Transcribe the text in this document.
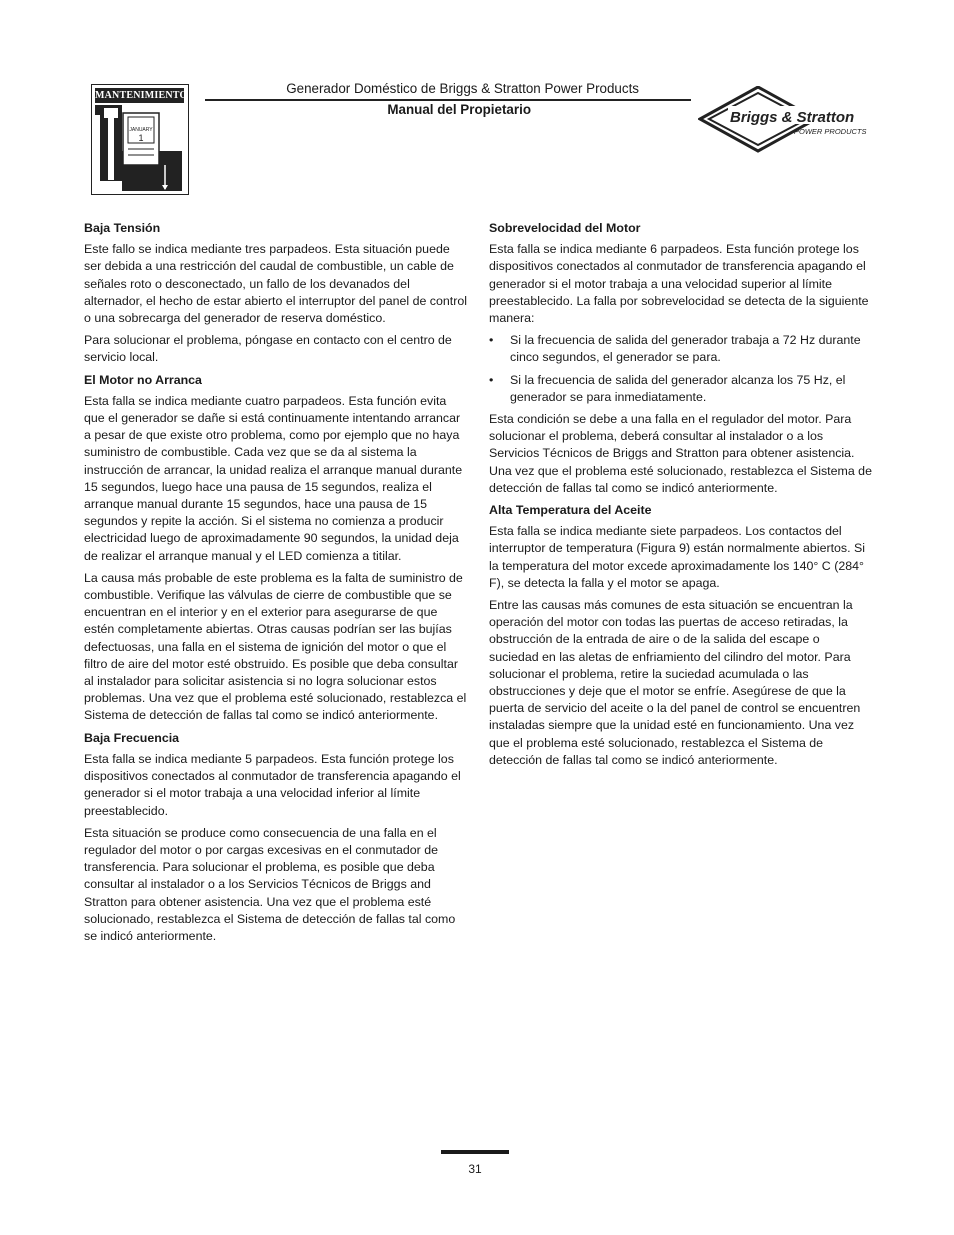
MANTENIMIENTO
JANUARY
1
Generador Doméstico de Briggs & Stratton Power Products
Manual del Propietario	Briggs & Stratton
POWER PRODUCTS
Baja Tensión

Este fallo se indica mediante tres parpadeos. Esta situación puede ser debida a una restricción del caudal de combustible, un cable de señales roto o desconectado, un fallo de los devanados del alternador, el hecho de estar abierto el interruptor del panel de control o una sobrecarga del generador de reserva doméstico.

Para solucionar el problema, póngase en contacto con el centro de servicio local.

El Motor no Arranca

Esta falla se indica mediante cuatro parpadeos. Esta función evita que el generador se dañe si está continuamente intentando arrancar a pesar de que existe otro problema, como por ejemplo que no haya suministro de combustible. Cada vez que se da al sistema la instrucción de arrancar, la unidad realiza el arranque manual durante 15 segundos, luego hace una pausa de 15 segundos, realiza el arranque manual durante 15 segundos, hace una pausa de 15 segundos y repite la acción. Si el sistema no comienza a producir electricidad luego de aproximadamente 90 segundos, la unidad deja de realizar el arranque manual y el LED comienza a titilar.

La causa más probable de este problema es la falta de suministro de combustible. Verifique las válvulas de cierre de combustible que se encuentran en el interior y en el exterior para asegurarse de que estén completamente abiertas. Otras causas podrían ser las bujías defectuosas, una falla en el sistema de ignición del motor o que el filtro de aire del motor esté obstruido. Es posible que deba consultar al instalador para solicitar asistencia si no logra solucionar estos problemas. Una vez que el problema esté solucionado, restablezca el Sistema de detección de fallas tal como se indicó anteriormente.

Baja Frecuencia

Esta falla se indica mediante 5 parpadeos. Esta función protege los dispositivos conectados al conmutador de transferencia apagando el generador si el motor trabaja a una velocidad inferior al límite preestablecido.

Esta situación se produce como consecuencia de una falla en el regulador del motor o por cargas excesivas en el conmutador de transferencia. Para solucionar el problema, es posible que deba consultar al instalador o a los Servicios Técnicos de Briggs and Stratton para obtener asistencia. Una vez que el problema esté solucionado, restablezca el Sistema de detección de fallas tal como se indicó anteriormente.

Sobrevelocidad del Motor

Esta falla se indica mediante 6 parpadeos. Esta función protege los dispositivos conectados al conmutador de transferencia apagando el generador si el motor trabaja a una velocidad superior al límite preestablecido. La falla por sobrevelocidad se detecta de la siguiente manera:

• Si la frecuencia de salida del generador trabaja a 72 Hz durante cinco segundos, el generador se para.
• Si la frecuencia de salida del generador alcanza los 75 Hz, el generador se para inmediatamente.

Esta condición se debe a una falla en el regulador del motor. Para solucionar el problema, deberá consultar al instalador o a los Servicios Técnicos de Briggs and Stratton para obtener asistencia. Una vez que el problema esté solucionado, restablezca el Sistema de detección de fallas tal como se indicó anteriormente.

Alta Temperatura del Aceite

Esta falla se indica mediante siete parpadeos. Los contactos del interruptor de temperatura (Figura 9) están normalmente abiertos. Si la temperatura del motor excede aproximadamente los 140° C (284° F), se detecta la falla y el motor se apaga.

Entre las causas más comunes de esta situación se encuentran la operación del motor con todas las puertas de acceso retiradas, la obstrucción de la entrada de aire o de la salida del escape o suciedad en las aletas de enfriamiento del cilindro del motor. Para solucionar el problema, retire la suciedad acumulada o las obstrucciones y deje que el motor se enfríe. Asegúrese de que la puerta de servicio del aceite o la del panel de control se encuentren instaladas siempre que la unidad esté en funcionamiento. Una vez que el problema esté solucionado, restablezca el Sistema de detección de fallas tal como se indicó anteriormente.

31
